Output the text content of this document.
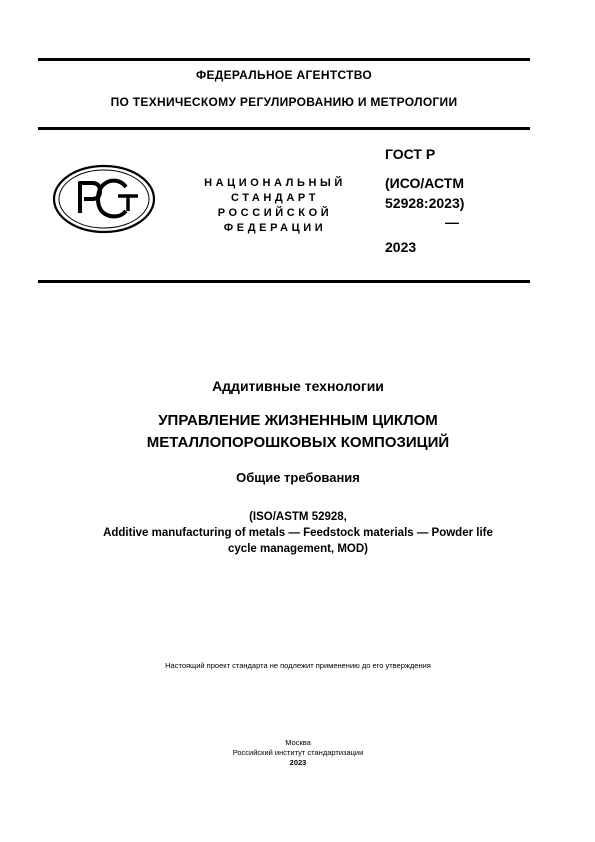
ФЕДЕРАЛЬНОЕ АГЕНТСТВО
ПО ТЕХНИЧЕСКОМУ РЕГУЛИРОВАНИЮ И МЕТРОЛОГИИ
НАЦИОНАЛЬНЫЙ
СТАНДАРТ
РОССИЙСКОЙ
ФЕДЕРАЦИИ
ГОСТ Р
(ИСО/АСТМ
52928:2023)
—
2023
Аддитивные технологии
УПРАВЛЕНИЕ ЖИЗНЕННЫМ ЦИКЛОМ
МЕТАЛЛОПОРОШКОВЫХ КОМПОЗИЦИЙ
Общие требования
(ISO/ASTM 52928,
Additive manufacturing of metals — Feedstock materials — Powder life
cycle management, MOD)
Настоящий проект стандарта не подлежит применению до его утверждения
Москва
Российский институт стандартизации
2023
